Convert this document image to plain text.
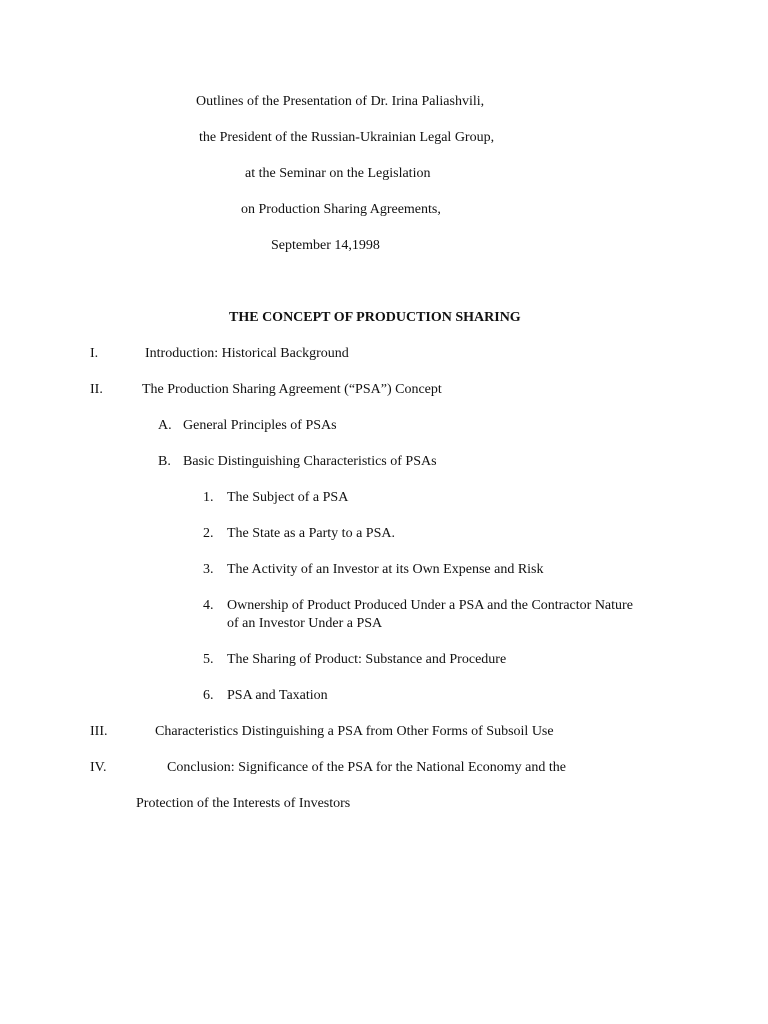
Outlines of the Presentation of Dr. Irina Paliashvili,
the President of the Russian-Ukrainian Legal Group,
at the Seminar on the Legislation
on Production Sharing Agreements,
September 14,1998
THE CONCEPT OF PRODUCTION SHARING
I.	Introduction: Historical Background
II.	The Production Sharing Agreement (“PSA”) Concept
A. General Principles of PSAs
B. Basic Distinguishing Characteristics of PSAs
1. The Subject of a PSA
2. The State as a Party to a PSA.
3. The Activity of an Investor at its Own Expense and Risk
4. Ownership of Product Produced Under a PSA and the Contractor Nature
of an Investor Under a PSA
5. The Sharing of Product: Substance and Procedure
6. PSA and Taxation
III.	Characteristics Distinguishing a PSA from Other Forms of Subsoil Use
IV.	Conclusion: Significance of the PSA for the National Economy and the
Protection of the Interests of Investors
